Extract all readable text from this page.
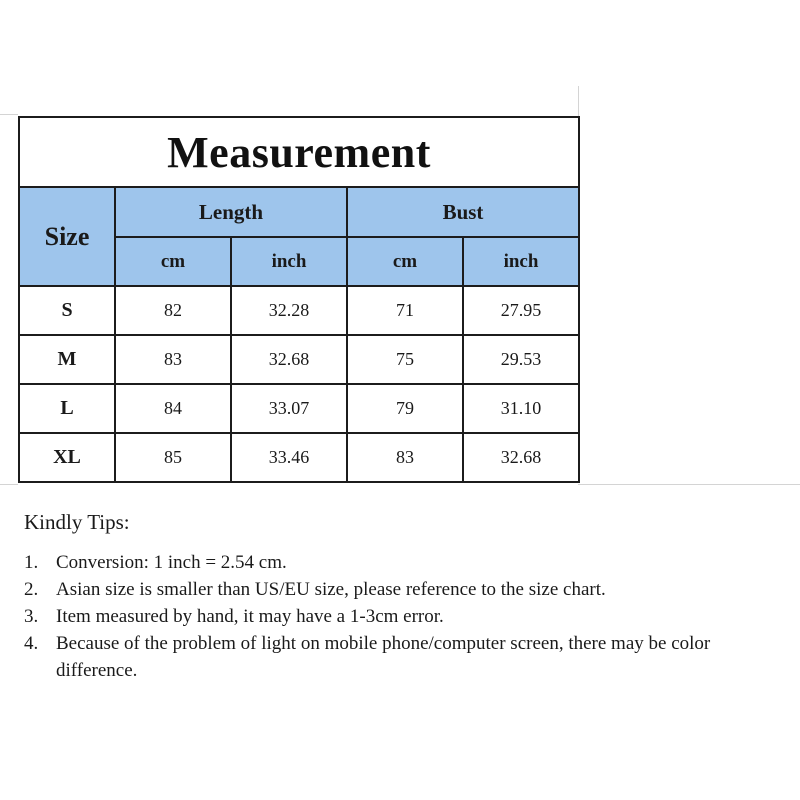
Measurement				
Size	Length		Bust	
	cm	inch	cm	inch
S	82	32.28	71	27.95
M	83	32.68	75	29.53
L	84	33.07	79	31.10
XL	85	33.46	83	32.68

Kindly Tips:

1. Conversion: 1 inch = 2.54 cm.
2. Asian size is smaller than US/EU size, please reference to the size chart.
3. Item measured by hand, it may have a 1-3cm error.
4. Because of the problem of light on mobile phone/computer screen, there may be color difference.
